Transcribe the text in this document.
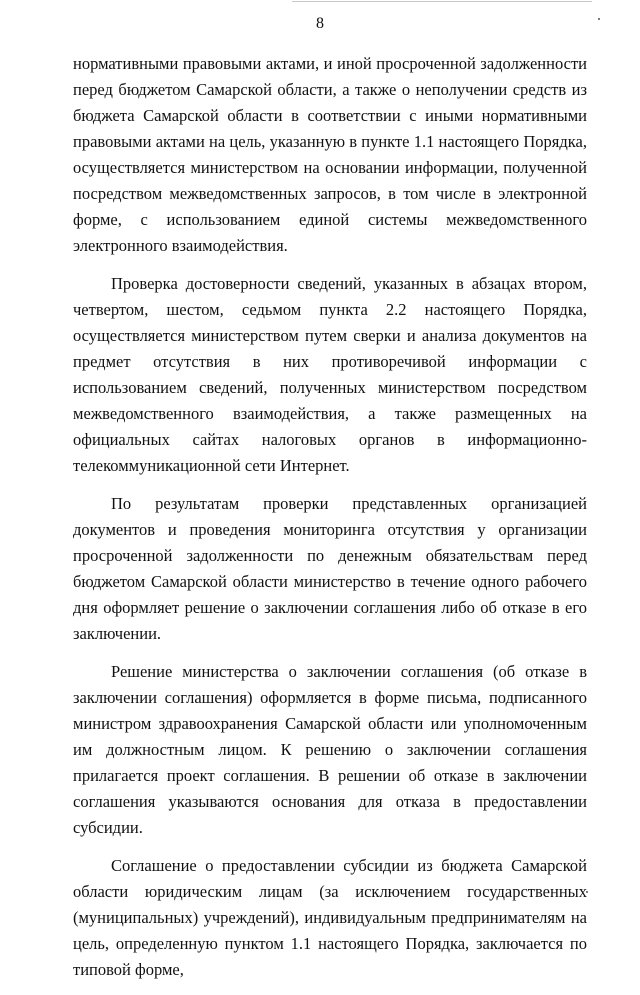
8

нормативными правовыми актами, и иной просроченной задолженности перед бюджетом Самарской области, а также о неполучении средств из бюджета Самарской области в соответствии с иными нормативными правовыми актами на цель, указанную в пункте 1.1 настоящего Порядка, осуществляется министерством на основании информации, полученной посредством межведомственных запросов, в том числе в электронной форме, с использованием единой системы межведомственного электронного взаимодействия.

Проверка достоверности сведений, указанных в абзацах втором, четвертом, шестом, седьмом пункта 2.2 настоящего Порядка, осуществляется министерством путем сверки и анализа документов на предмет отсутствия в них противоречивой информации с использованием сведений, полученных министерством посредством межведомственного взаимодействия, а также размещенных на официальных сайтах налоговых органов в информационно-телекоммуникационной сети Интернет.

По результатам проверки представленных организацией документов и проведения мониторинга отсутствия у организации просроченной задолженности по денежным обязательствам перед бюджетом Самарской области министерство в течение одного рабочего дня оформляет решение о заключении соглашения либо об отказе в его заключении.

Решение министерства о заключении соглашения (об отказе в заключении соглашения) оформляется в форме письма, подписанного министром здравоохранения Самарской области или уполномоченным им должностным лицом. К решению о заключении соглашения прилагается проект соглашения. В решении об отказе в заключении соглашения указываются основания для отказа в предоставлении субсидии.

Соглашение о предоставлении субсидии из бюджета Самарской области юридическим лицам (за исключением государственных (муниципальных) учреждений), индивидуальным предпринимателям на цель, определенную пунктом 1.1 настоящего Порядка, заключается по типовой форме,
